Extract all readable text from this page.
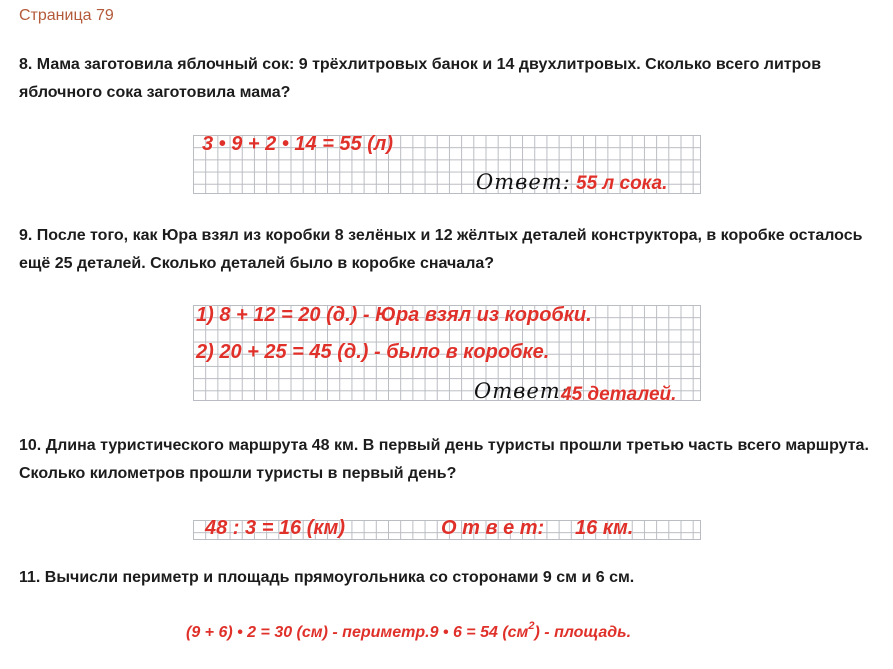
Страница 79
8. Мама заготовила яблочный сок: 9 трёхлитровых банок и 14 двухлитровых. Сколько всего литров яблочного сока заготовила мама?
3 • 9 + 2 • 14 = 55 (л)
Ответ: 55 л сока.
9. После того, как Юра взял из коробки 8 зелёных и 12 жёлтых деталей конструктора, в коробке осталось ещё 25 деталей. Сколько деталей было в коробке сначала?
1) 8 + 12 = 20 (д.) - Юра взял из коробки.
2) 20 + 25 = 45 (д.) - было в коробке.
Ответ:
45 деталей.
10. Длина туристического маршрута 48 км. В первый день туристы прошли третью часть всего маршрута. Сколько километров прошли туристы в первый день?
48 : 3 = 16 (км)	О т в е т: 16 км.
11. Вычисли периметр и площадь прямоугольника со сторонами 9 см и 6 см.
(9 + 6) • 2 = 30 (см) - периметр.9 • 6 = 54 $(см^2)$ - площадь.
